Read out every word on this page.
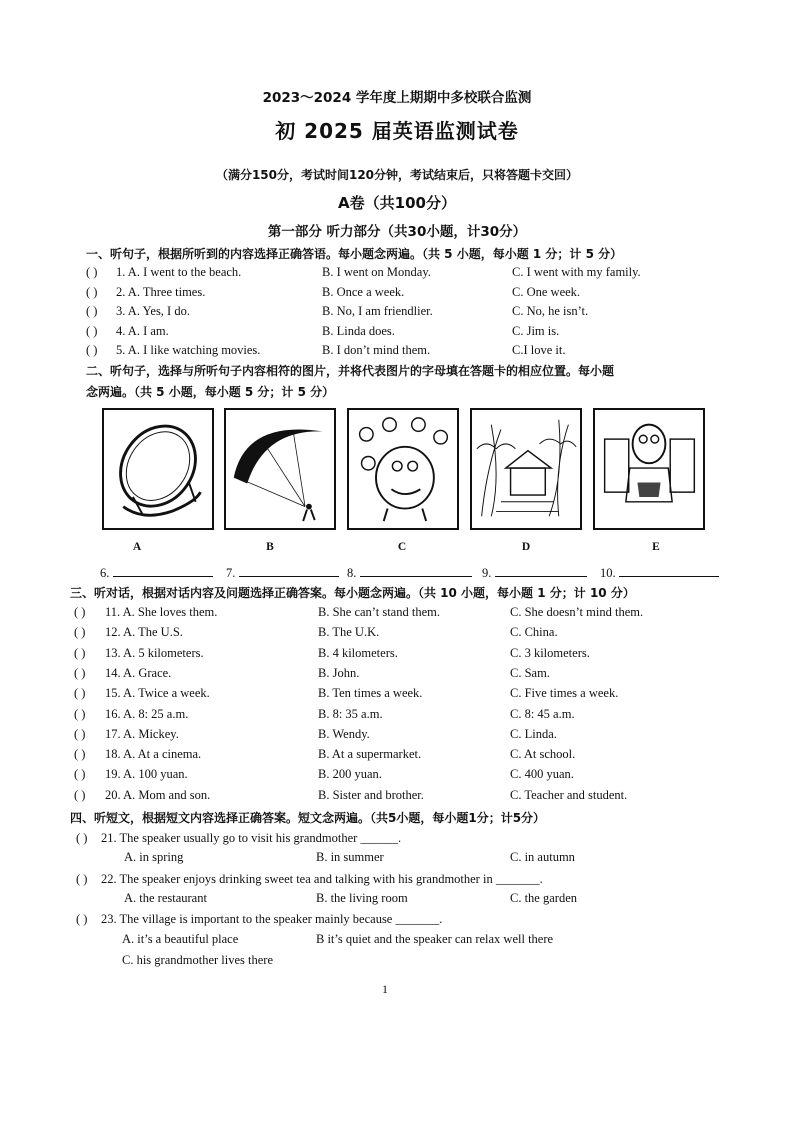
2023～2024 学年度上期期中多校联合监测
初 2025 届英语监测试卷
（满分150分，考试时间120分钟，考试结束后，只将答题卡交回）
A卷（共100分）
第一部分 听力部分（共30小题，计30分）
一、听句子，根据所听到的内容选择正确答语。每小题念两遍。（共 5 小题，每小题 1 分；计 5 分）
( ) 1. A. I went to the beach.	B. I went on Monday.	C. I went with my family.
( ) 2. A. Three times.	B. Once a week.	C. One week.
( ) 3. A. Yes, I do.	B. No, I am friendlier.	C. No, he isn’t.
( ) 4. A. I am.	B. Linda does.	C. Jim is.
( ) 5. A. I like watching movies.	B. I don’t mind them.	C.I love it.
二、听句子，选择与所听句子内容相符的图片，并将代表图片的字母填在答题卡的相应位置。每小题
念两遍。（共 5 小题，每小题 5 分；计 5 分）
A	B	C	D	E
6.	7.	8.	9.	10.
三、听对话，根据对话内容及问题选择正确答案。每小题念两遍。（共 10 小题，每小题 1 分；计 10 分）
( ) 11. A. She loves them.	B. She can’t stand them.	C. She doesn’t mind them.
( ) 12. A. The U.S.	B. The U.K.	C. China.
( ) 13. A. 5 kilometers.	B. 4 kilometers.	C. 3 kilometers.
( ) 14. A. Grace.	B. John.	C. Sam.
( ) 15. A. Twice a week.	B. Ten times a week.	C. Five times a week.
( ) 16. A. 8: 25 a.m.	B. 8: 35 a.m.	C. 8: 45 a.m.
( ) 17. A. Mickey.	B. Wendy.	C. Linda.
( ) 18. A. At a cinema.	B. At a supermarket.	C. At school.
( ) 19. A. 100 yuan.	B. 200 yuan.	C. 400 yuan.
( ) 20. A. Mom and son.	B. Sister and brother.	C. Teacher and student.
四、听短文，根据短文内容选择正确答案。短文念两遍。（共5小题，每小题1分；计5分）
( ) 21. The speaker usually go to visit his grandmother ______.
A. in spring	B. in summer	C. in autumn
( ) 22. The speaker enjoys drinking sweet tea and talking with his grandmother in _______.
A. the restaurant	B. the living room	C. the garden
( ) 23. The village is important to the speaker mainly because _______.
A. it’s a beautiful place	B it’s quiet and the speaker can relax well there
C. his grandmother lives there
1
